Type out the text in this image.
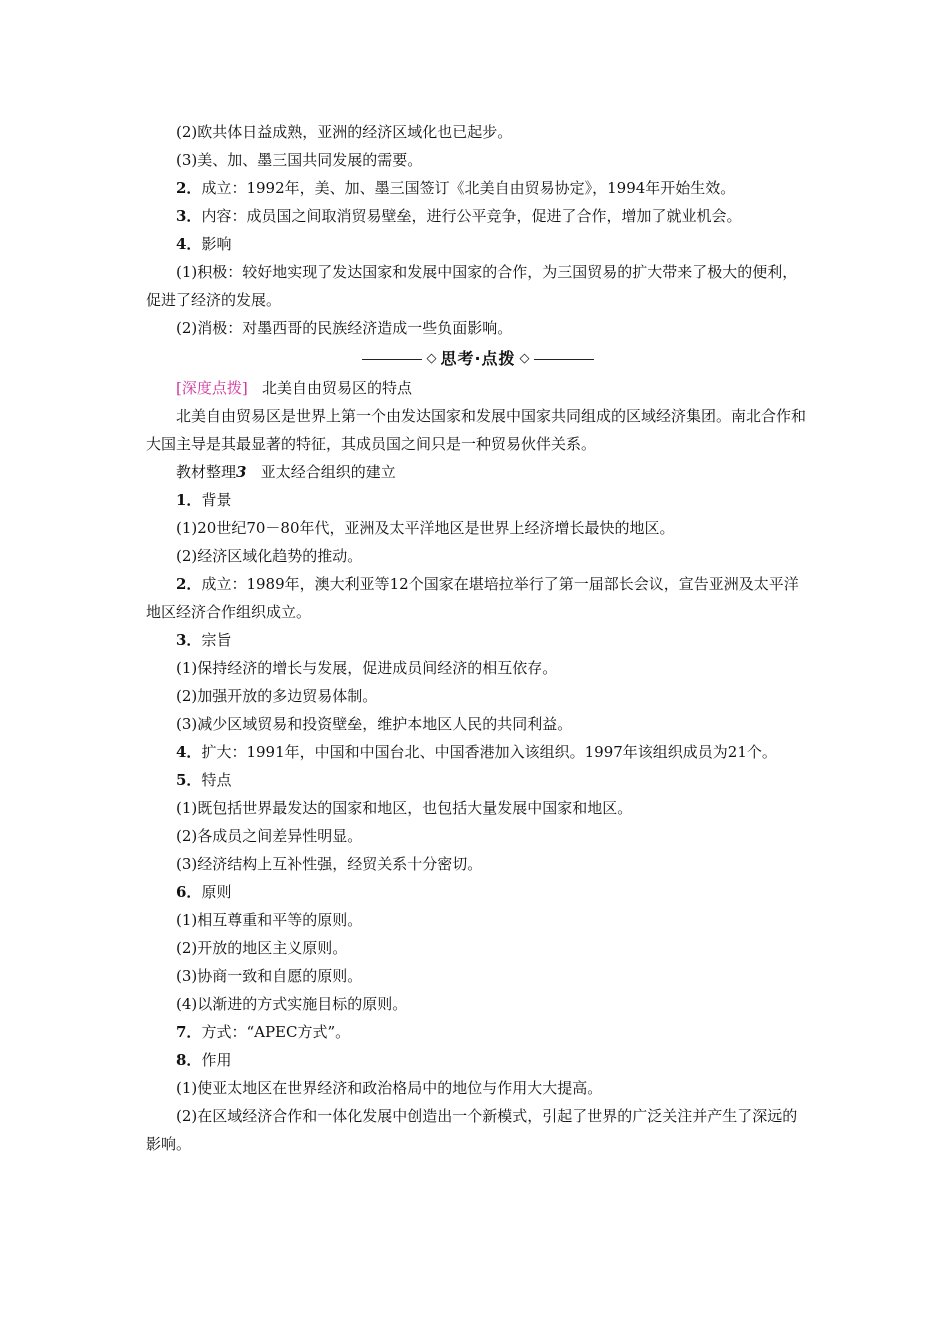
(2)欧共体日益成熟，亚洲的经济区域化也已起步。
(3)美、加、墨三国共同发展的需要。
2．成立：1992年，美、加、墨三国签订《北美自由贸易协定》，1994年开始生效。
3．内容：成员国之间取消贸易壁垒，进行公平竞争，促进了合作，增加了就业机会。
4．影响
(1)积极：较好地实现了发达国家和发展中国家的合作，为三国贸易的扩大带来了极大的便利，促进了经济的发展。
(2)消极：对墨西哥的民族经济造成一些负面影响。
◇ 思考·点拨 ◇
[深度点拨] 北美自由贸易区的特点
北美自由贸易区是世界上第一个由发达国家和发展中国家共同组成的区域经济集团。南北合作和大国主导是其最显著的特征，其成员国之间只是一种贸易伙伴关系。
教材整理3 亚太经合组织的建立
1．背景
(1)20世纪70－80年代，亚洲及太平洋地区是世界上经济增长最快的地区。
(2)经济区域化趋势的推动。
2．成立：1989年，澳大利亚等12个国家在堪培拉举行了第一届部长会议，宣告亚洲及太平洋地区经济合作组织成立。
3．宗旨
(1)保持经济的增长与发展，促进成员间经济的相互依存。
(2)加强开放的多边贸易体制。
(3)减少区域贸易和投资壁垒，维护本地区人民的共同利益。
4．扩大：1991年，中国和中国台北、中国香港加入该组织。1997年该组织成员为21个。
5．特点
(1)既包括世界最发达的国家和地区，也包括大量发展中国家和地区。
(2)各成员之间差异性明显。
(3)经济结构上互补性强，经贸关系十分密切。
6．原则
(1)相互尊重和平等的原则。
(2)开放的地区主义原则。
(3)协商一致和自愿的原则。
(4)以渐进的方式实施目标的原则。
7．方式：“APEC方式”。
8．作用
(1)使亚太地区在世界经济和政治格局中的地位与作用大大提高。
(2)在区域经济合作和一体化发展中创造出一个新模式，引起了世界的广泛关注并产生了深远的影响。
